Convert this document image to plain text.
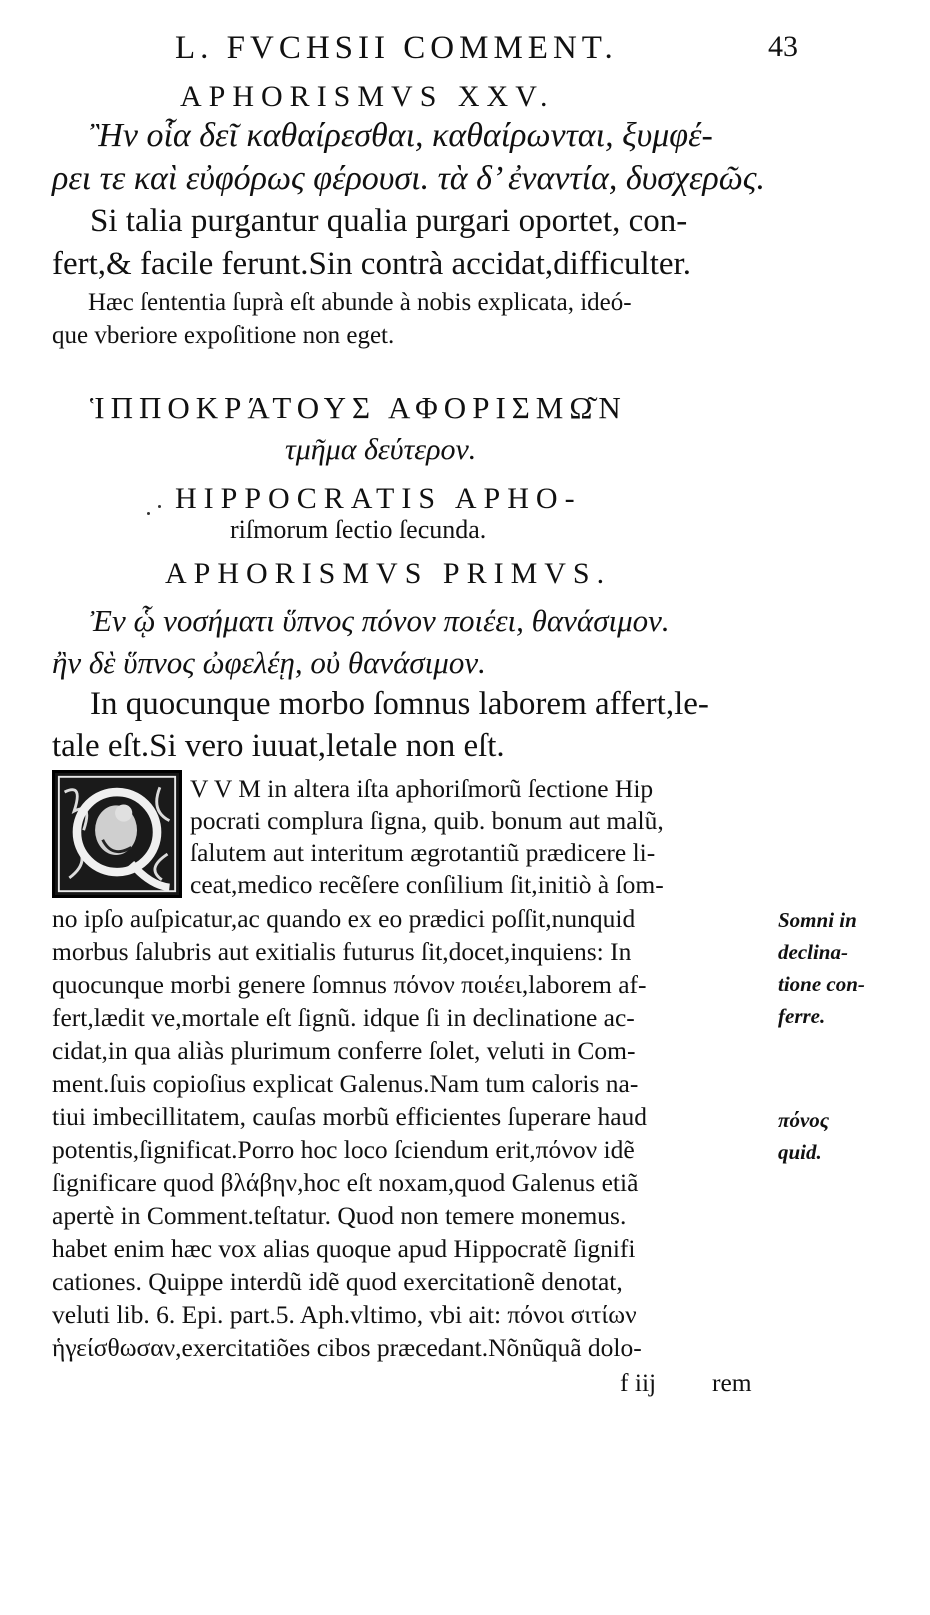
L. FVCHSII COMMENT.	43
APHORISMVS XXV.
Ἢν οἷα δεῖ καθαίρεσθαι, καθαίρωνται, ξυμφέ-
ρει τε καὶ εὐφόρως φέρουσι. τὰ δ’ ἐναντία, δυσχερῶς.
Si talia purgantur qualia purgari oportet, con-
fert,& facile ferunt.Sin contrà accidat,difficulter.
Hæc ſententia ſuprà eſt abunde à nobis explicata, ideó-
que vberiore expoſitione non eget.
ἹΠΠΟΚΡΆΤΟΥΣ ΑΦΟΡΙΣΜΩ͂Ν
τμῆμα δεύτερον.
HIPPOCRATIS APHO-
riſmorum ſectio ſecunda.
APHORISMVS PRIMVS.
Ἐν ᾧ νοσήματι ὕπνος πόνον ποιέει, θανάσιμον.
ἢν δὲ ὕπνος ὠφελέῃ, οὐ θανάσιμον.
In quocunque morbo ſomnus laborem affert,le-
tale eſt.Si vero iuuat,letale non eſt.
V V M in altera iſta aphoriſmorũ ſectione Hip
pocrati complura ſigna, quib. bonum aut malũ,
ſalutem aut interitum ægrotantiũ prædicere li-
ceat,medico recẽſere conſilium ſit,initiò à ſom-
no ipſo auſpicatur,ac quando ex eo prædici poſſit,nunquid
morbus ſalubris aut exitialis futurus ſit,docet,inquiens: In
quocunque morbi genere ſomnus πόνον ποιέει,laborem af-
fert,lædit ve,mortale eſt ſignũ. idque ſi in declinatione ac-
cidat,in qua aliàs plurimum conferre ſolet, veluti in Com-
ment.ſuis copioſius explicat Galenus.Nam tum caloris na-
tiui imbecillitatem, cauſas morbũ efficientes ſuperare haud
potentis,ſignificat.Porro hoc loco ſciendum erit,πόνον idẽ
ſignificare quod βλάβην,hoc eſt noxam,quod Galenus etiã
apertè in Comment.teſtatur. Quod non temere monemus.
habet enim hæc vox alias quoque apud Hippocratẽ ſignifi
cationes. Quippe interdũ idẽ quod exercitationẽ denotat,
veluti lib. 6. Epi. part.5. Aph.vltimo, vbi ait: πόνοι σιτίων
ἡγείσθωσαν,exercitatiões cibos præcedant.Nõnũquã dolo-
f iij rem
Somni in
declina-
tione con-
ferre.
πόνος
quid.
